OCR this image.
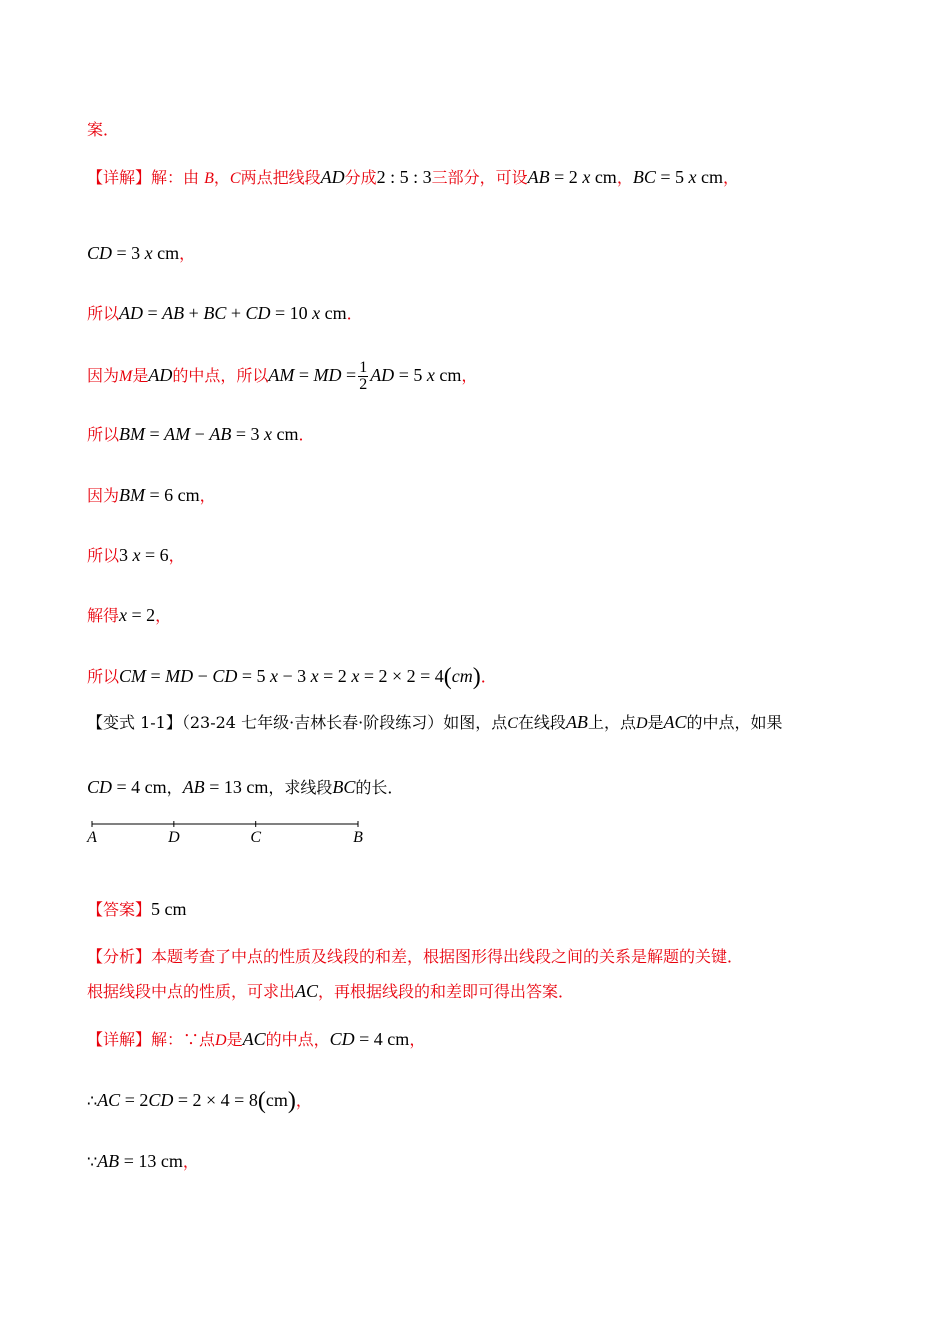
案．
【详解】解：由 B，C两点把线段AD分成2 : 5 : 3三部分，可设AB = 2 x cm，BC = 5 x cm，
CD = 3 x cm，
所以AD = AB + BC + CD = 10 x cm．
因为M是AD的中点，所以AM = MD = $\frac{1}{2}$ AD = 5 x cm，
所以BM = AM − AB = 3 x cm．
因为BM = 6 cm，
所以3 x = 6，
解得x = 2，
所以CM = MD − CD = 5 x − 3 x = 2 x = 2 × 2 = 4(cm)．
【变式 1-1】（23-24 七年级·吉林长春·阶段练习）如图，点C在线段AB上，点D是AC的中点，如果
CD = 4 cm，AB = 13 cm，求线段BC的长．
A	D	C	B
【答案】5 cm
【分析】本题考查了中点的性质及线段的和差，根据图形得出线段之间的关系是解题的关键．
根据线段中点的性质，可求出AC，再根据线段的和差即可得出答案．
【详解】解：∵点D是AC的中点，CD = 4 cm，
∴AC = 2CD = 2 × 4 = 8(cm)，
∵AB = 13 cm，
